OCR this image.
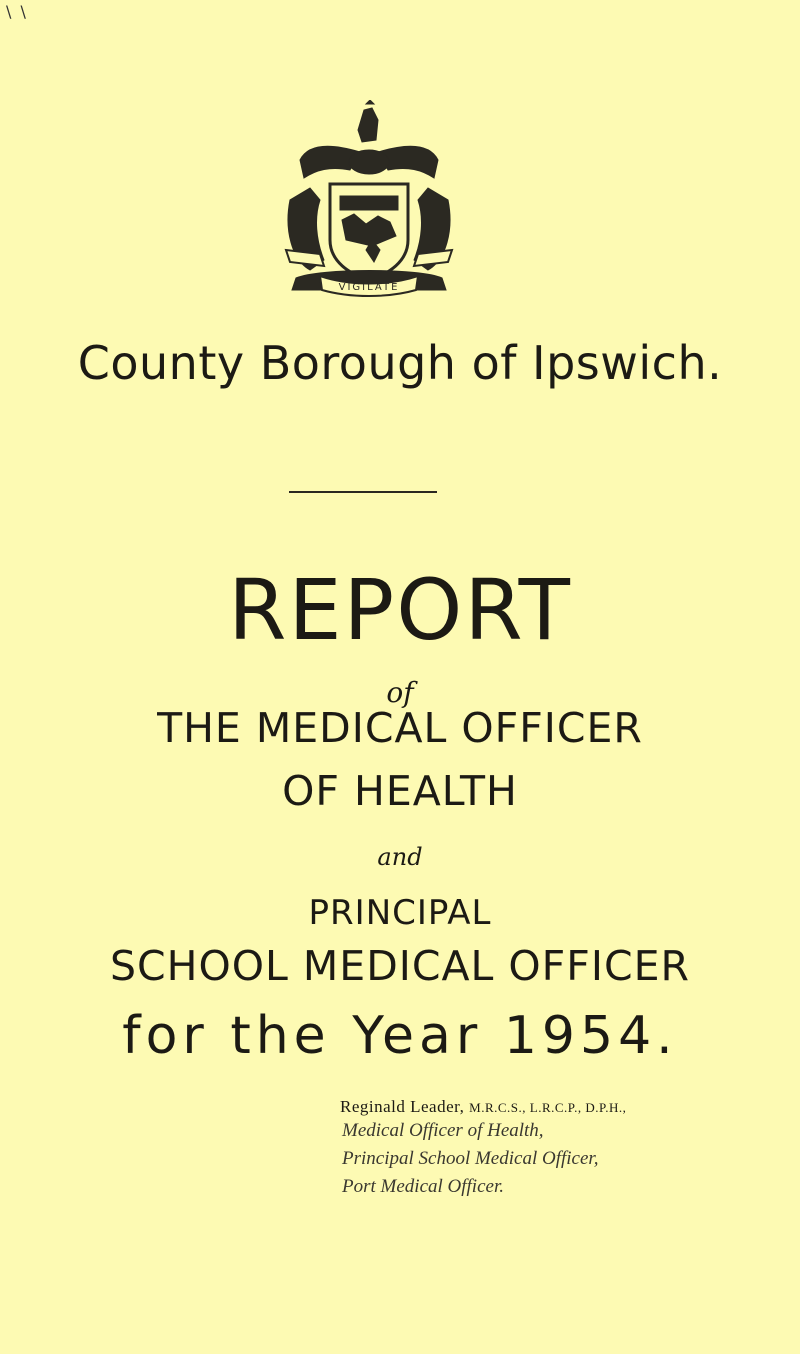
\ \
VIGILATE
County Borough of Ipswich.
REPORT
of
THE MEDICAL OFFICER
OF HEALTH
and
PRINCIPAL
SCHOOL MEDICAL OFFICER
for the Year 1954.
Reginald Leader, M.R.C.S., L.R.C.P., D.P.H.,
Medical Officer of Health,
Principal School Medical Officer,
Port Medical Officer.
